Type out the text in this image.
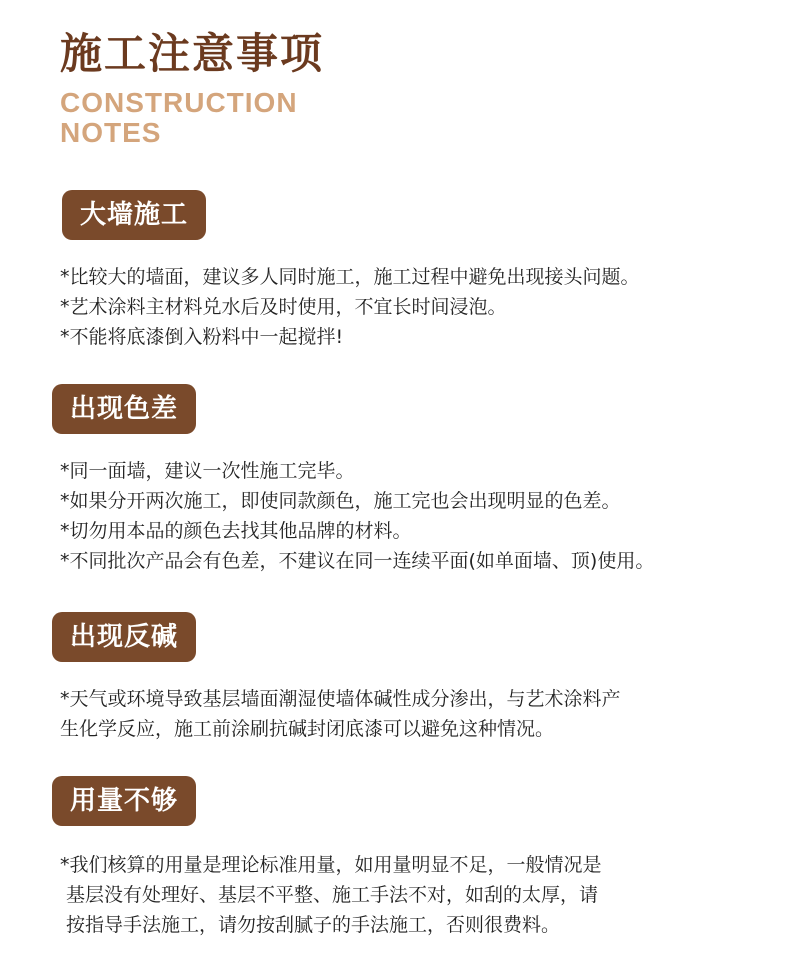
施工注意事项
CONSTRUCTION
NOTES
大墙施工
*比较大的墙面，建议多人同时施工，施工过程中避免出现接头问题。
*艺术涂料主材料兑水后及时使用，不宜长时间浸泡。
*不能将底漆倒入粉料中一起搅拌!
出现色差
*同一面墙，建议一次性施工完毕。
*如果分开两次施工，即使同款颜色，施工完也会出现明显的色差。
*切勿用本品的颜色去找其他品牌的材料。
*不同批次产品会有色差，不建议在同一连续平面(如单面墙、顶)使用。
出现反碱
*天气或环境导致基层墙面潮湿使墙体碱性成分渗出，与艺术涂料产
生化学反应，施工前涂刷抗碱封闭底漆可以避免这种情况。
用量不够
*我们核算的用量是理论标准用量，如用量明显不足，一般情况是
基层没有处理好、基层不平整、施工手法不对，如刮的太厚，请
按指导手法施工，请勿按刮腻子的手法施工，否则很费料。
